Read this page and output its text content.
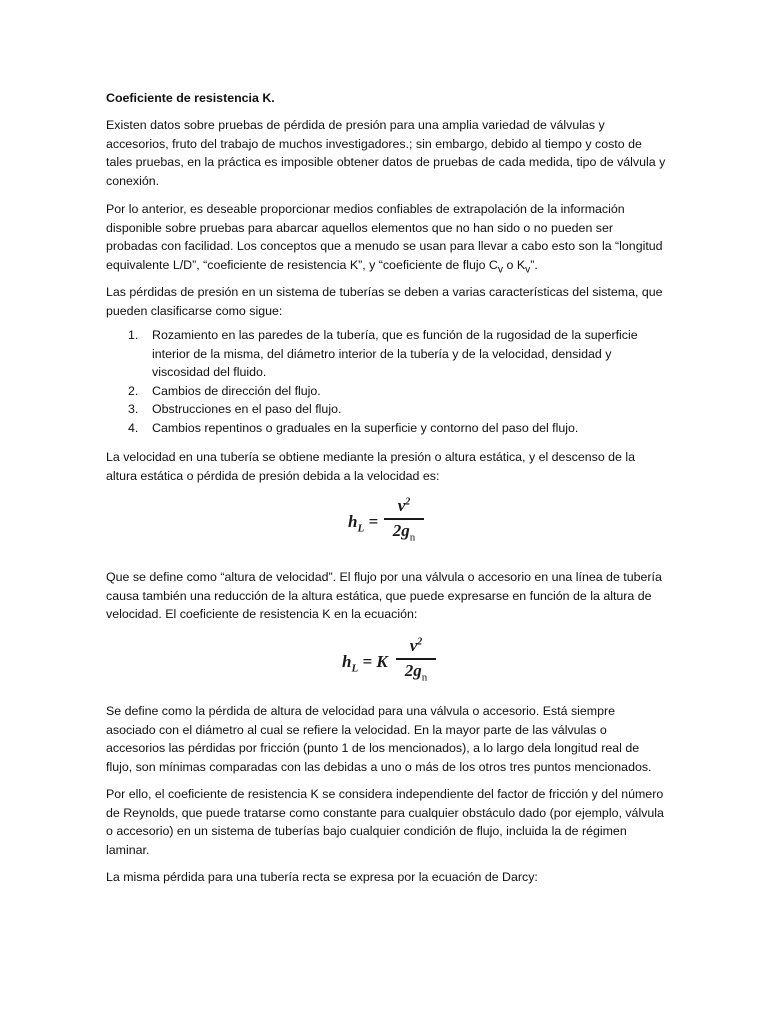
Coeficiente de resistencia K.
Existen datos sobre pruebas de pérdida de presión para una amplia variedad de válvulas y accesorios, fruto del trabajo de muchos investigadores.; sin embargo, debido al tiempo y costo de tales pruebas, en la práctica es imposible obtener datos de pruebas de cada medida, tipo de válvula y conexión.
Por lo anterior, es deseable proporcionar medios confiables de extrapolación de la información disponible sobre pruebas para abarcar aquellos elementos que no han sido o no pueden ser probadas con facilidad. Los conceptos que a menudo se usan para llevar a cabo esto son la “longitud equivalente L/D”, “coeficiente de resistencia K”, y “coeficiente de flujo $C_v$ o $K_v$”.
Las pérdidas de presión en un sistema de tuberías se deben a varias características del sistema, que pueden clasificarse como sigue:
1. Rozamiento en las paredes de la tubería, que es función de la rugosidad de la superficie interior de la misma, del diámetro interior de la tubería y de la velocidad, densidad y viscosidad del fluido.
2. Cambios de dirección del flujo.
3. Obstrucciones en el paso del flujo.
4. Cambios repentinos o graduales en la superficie y contorno del paso del flujo.
La velocidad en una tubería se obtiene mediante la presión o altura estática, y el descenso de la altura estática o pérdida de presión debida a la velocidad es:
$h_L$ =
$v^2$
$2g_n$
Que se define como “altura de velocidad”. El flujo por una válvula o accesorio en una línea de tubería causa también una reducción de la altura estática, que puede expresarse en función de la altura de velocidad. El coeficiente de resistencia K en la ecuación:
$h_L = K$
$v^2$
$2g_n$
Se define como la pérdida de altura de velocidad para una válvula o accesorio. Está siempre asociado con el diámetro al cual se refiere la velocidad. En la mayor parte de las válvulas o accesorios las pérdidas por fricción (punto 1 de los mencionados), a lo largo dela longitud real de flujo, son mínimas comparadas con las debidas a uno o más de los otros tres puntos mencionados.
Por ello, el coeficiente de resistencia K se considera independiente del factor de fricción y del número de Reynolds, que puede tratarse como constante para cualquier obstáculo dado (por ejemplo, válvula o accesorio) en un sistema de tuberías bajo cualquier condición de flujo, incluida la de régimen laminar.
La misma pérdida para una tubería recta se expresa por la ecuación de Darcy:
